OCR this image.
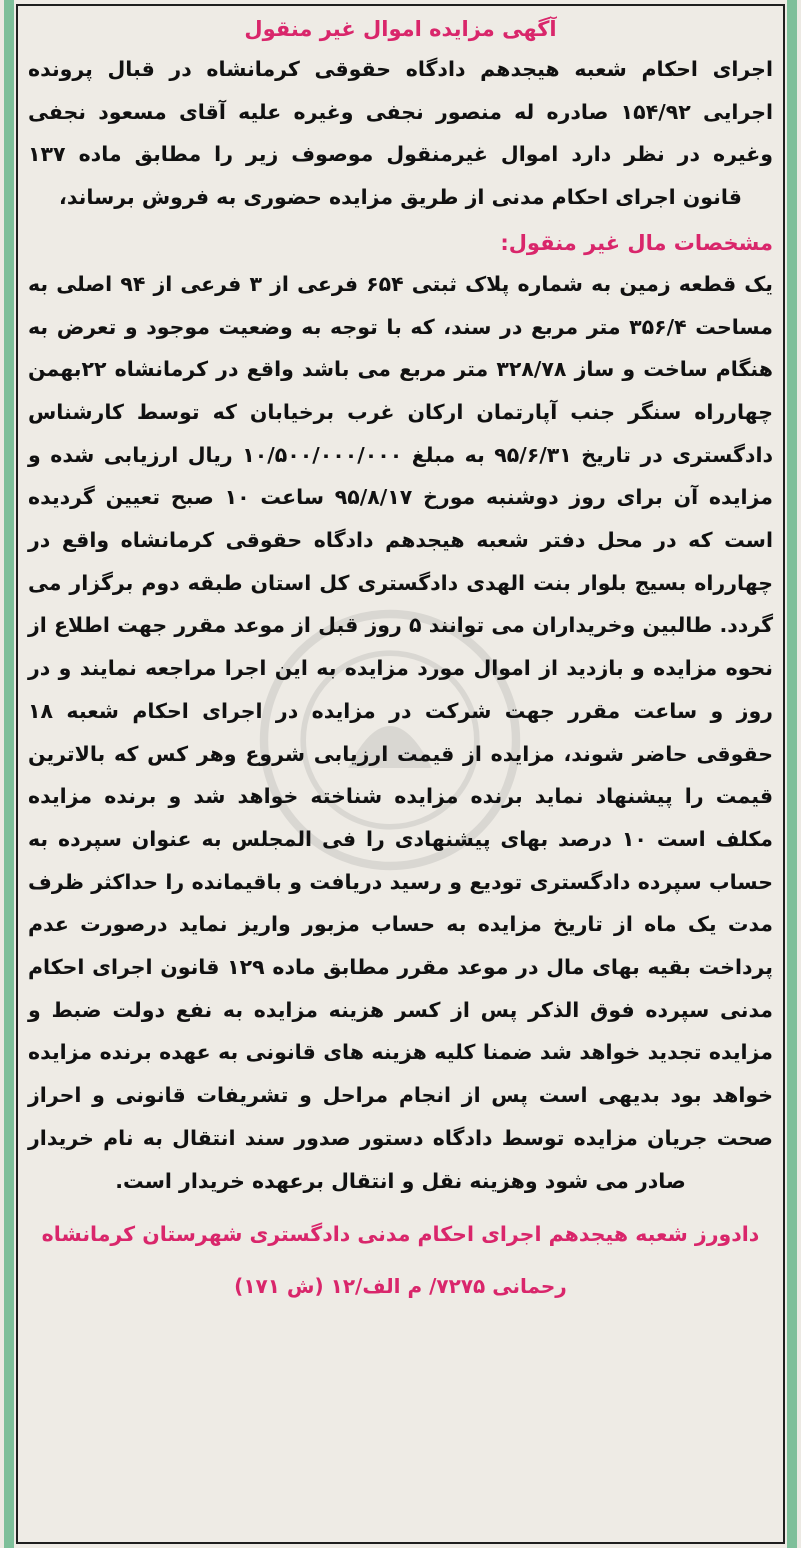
آگهی مزایده اموال غیر منقول

اجرای احکام شعبه هیجدهم دادگاه حقوقی کرمانشاه در قبال پرونده اجرایی ۱۵۴/۹۲ صادره له منصور نجفی وغیره علیه آقای مسعود نجفی وغیره در نظر دارد اموال غیرمنقول موصوف زیر را مطابق ماده ۱۳۷ قانون اجرای احکام مدنی از طریق مزایده حضوری به فروش برساند،

مشخصات مال غیر منقول:

یک قطعه زمین به شماره پلاک ثبتی ۶۵۴ فرعی از ۳ فرعی از ۹۴ اصلی به مساحت ۳۵۶/۴ متر مربع در سند، که با توجه به وضعیت موجود و تعرض به هنگام ساخت و ساز ۳۲۸/۷۸ متر مربع می باشد واقع در کرمانشاه ۲۲بهمن چهارراه سنگر جنب آپارتمان ارکان غرب برخیابان که توسط کارشناس دادگستری در تاریخ ۹۵/۶/۳۱ به مبلغ ۱۰/۵۰۰/۰۰۰/۰۰۰ ریال ارزیابی شده و مزایده آن برای روز دوشنبه مورخ ۹۵/۸/۱۷ ساعت ۱۰ صبح تعیین گردیده است که در محل دفتر شعبه هیجدهم دادگاه حقوقی کرمانشاه واقع در چهارراه بسیج بلوار بنت الهدی دادگستری کل استان طبقه دوم برگزار می گردد. طالبین وخریداران می توانند ۵ روز قبل از موعد مقرر جهت اطلاع از نحوه مزایده و بازدید از اموال مورد مزایده به این اجرا مراجعه نمایند و در روز و ساعت مقرر جهت شرکت در مزایده در اجرای احکام شعبه ۱۸ حقوقی حاضر شوند، مزایده از قیمت ارزیابی شروع وهر کس که بالاترین قیمت را پیشنهاد نماید برنده مزایده شناخته خواهد شد و برنده مزایده مکلف است ۱۰ درصد بهای پیشنهادی را فی المجلس به عنوان سپرده به حساب سپرده دادگستری تودیع و رسید دریافت و باقیمانده را حداکثر ظرف مدت یک ماه از تاریخ مزایده به حساب مزبور واریز نماید درصورت عدم پرداخت بقیه بهای مال در موعد مقرر مطابق ماده ۱۲۹ قانون اجرای احکام مدنی سپرده فوق الذکر پس از کسر هزینه مزایده به نفع دولت ضبط و مزایده تجدید خواهد شد ضمنا کلیه هزینه های قانونی به عهده برنده مزایده خواهد بود بدیهی است پس از انجام مراحل و تشریفات قانونی و احراز صحت جریان مزایده توسط دادگاه دستور صدور سند انتقال به نام خریدار صادر می شود وهزینه نقل و انتقال برعهده خریدار است.

دادورز شعبه هیجدهم اجرای احکام مدنی دادگستری شهرستان کرمانشاه

رحمانی ۷۲۷۵/ م الف/۱۲ (ش ۱۷۱)
